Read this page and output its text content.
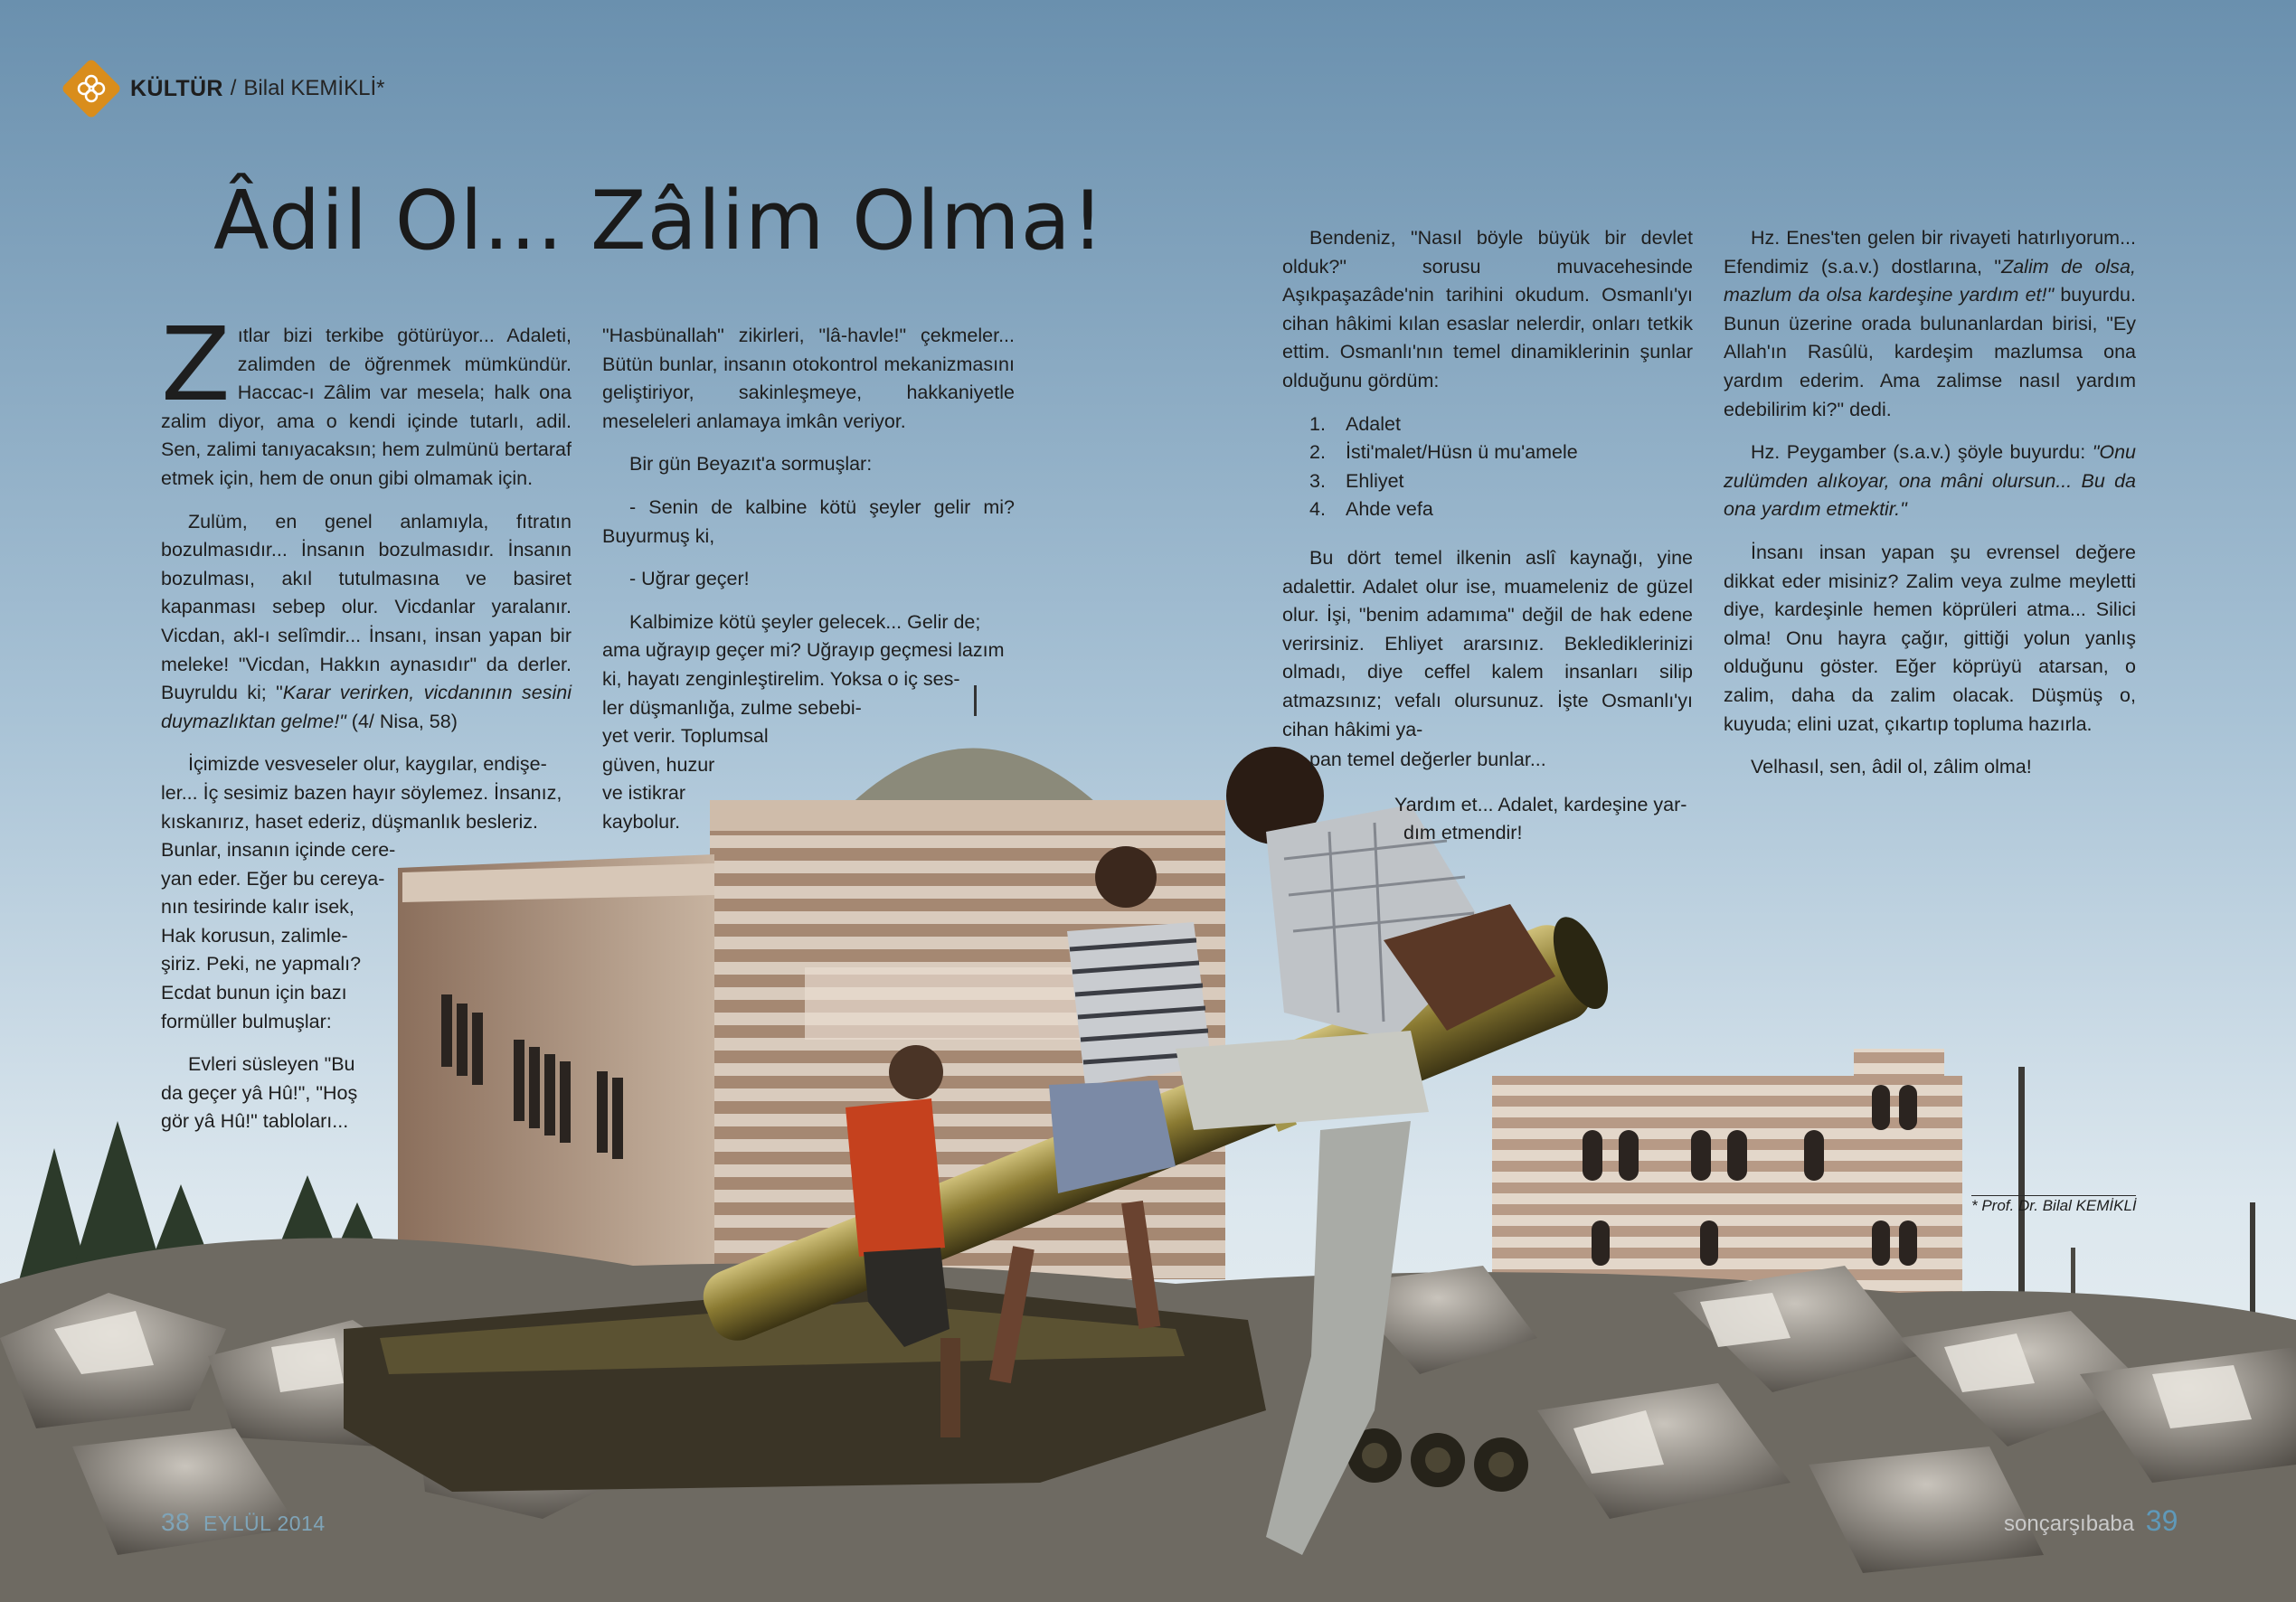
KÜLTÜR / Bilal KEMİKLİ*
Âdil Ol... Zâlim Olma!

Zıtlar bizi terkibe götürüyor... Adaleti, zalimden de öğrenmek mümkündür. Haccac-ı Zâlim var mesela; halk ona zalim diyor, ama o kendi içinde tutarlı, adil. Sen, zalimi tanıyacaksın; hem zulmünü bertaraf etmek için, hem de onun gibi olmamak için.

Zulüm, en genel anlamıyla, fıtratın bozulmasıdır... İnsanın bozulmasıdır. İnsanın bozulması, akıl tutulmasına ve basiret kapanması sebep olur. Vicdanlar yaralanır. Vicdan, akl-ı selîmdir... İnsanı, insan yapan bir meleke! "Vicdan, Hakkın aynasıdır" da derler. Buyruldu ki; "Karar verirken, vicdanının sesini duymazlıktan gelme!" (4/ Nisa, 58)

İçimizde vesveseler olur, kaygılar, endişe-
ler... İç sesimiz bazen hayır söylemez. İnsanız,
kıskanırız, haset ederiz, düşmanlık besleriz.
Bunlar, insanın içinde cere-
yan eder. Eğer bu cereya-
nın tesirinde kalır isek,
Hak korusun, zalimle-
şiriz. Peki, ne yapmalı?
Ecdat bunun için bazı
formüller bulmuşlar:

Evleri süsleyen "Bu
da geçer yâ Hû!", "Hoş
gör yâ Hû!" tabloları...

"Hasbünallah" zikirleri, "lâ-havle!" çekmeler... Bütün bunlar, insanın otokontrol mekanizmasını geliştiriyor, sakinleşmeye, hakkaniyetle meseleleri anlamaya imkân veriyor.

Bir gün Beyazıt'a sormuşlar:

- Senin de kalbine kötü şeyler gelir mi? Buyurmuş ki,

- Uğrar geçer!

Kalbimize kötü şeyler gelecek... Gelir de;
ama uğrayıp geçer mi? Uğrayıp geçmesi lazım
ki, hayatı zenginleştirelim. Yoksa o iç ses-
ler düşmanlığa, zulme sebebi-
yet verir. Toplumsal
güven, huzur
ve istikrar
kaybolur.

Bendeniz, "Nasıl böyle büyük bir devlet olduk?" sorusu muvacehesinde Aşıkpaşazâde'nin tarihini okudum. Osmanlı'yı cihan hâkimi kılan esaslar nelerdir, onları tetkik ettim. Osmanlı'nın temel dinamiklerinin şunlar olduğunu gördüm:

1. Adalet
2. İsti'malet/Hüsn ü mu'amele
3. Ehliyet
4. Ahde vefa

Bu dört temel ilkenin aslî kaynağı, yine adalettir. Adalet olur ise, muameleniz de güzel olur. İşi, "benim adamıma" değil de hak edene verirsiniz. Ehliyet ararsınız. Beklediklerinizi olmadı, diye ceffel kalem insanları silip atmazsınız; vefalı olursunuz. İşte Osmanlı'yı cihan hâkimi ya-

pan temel değerler bunlar...

Yardım et... Adalet, kardeşine yar-
dım etmendir!

Hz. Enes'ten gelen bir rivayeti hatırlıyorum... Efendimiz (s.a.v.) dostlarına, "Zalim de olsa, mazlum da olsa kardeşine yardım et!" buyurdu. Bunun üzerine orada bulunanlardan birisi, "Ey Allah'ın Rasûlü, kardeşim mazlumsa ona yardım ederim. Ama zalimse nasıl yardım edebilirim ki?" dedi.

Hz. Peygamber (s.a.v.) şöyle buyurdu: "Onu zulümden alıkoyar, ona mâni olursun... Bu da ona yardım etmektir."

İnsanı insan yapan şu evrensel değere dikkat eder misiniz? Zalim veya zulme meyletti diye, kardeşinle hemen köprüleri atma... Silici olma! Onu hayra çağır, gittiği yolun yanlış olduğunu göster. Eğer köprüyü atarsan, o zalim, daha da zalim olacak. Düşmüş o, kuyuda; elini uzat, çıkartıp topluma hazırla.

Velhasıl, sen, âdil ol, zâlim olma!

* Prof. Dr. Bilal KEMİKLİ
38 EYLÜL 2014	sonçarşıbaba 39
